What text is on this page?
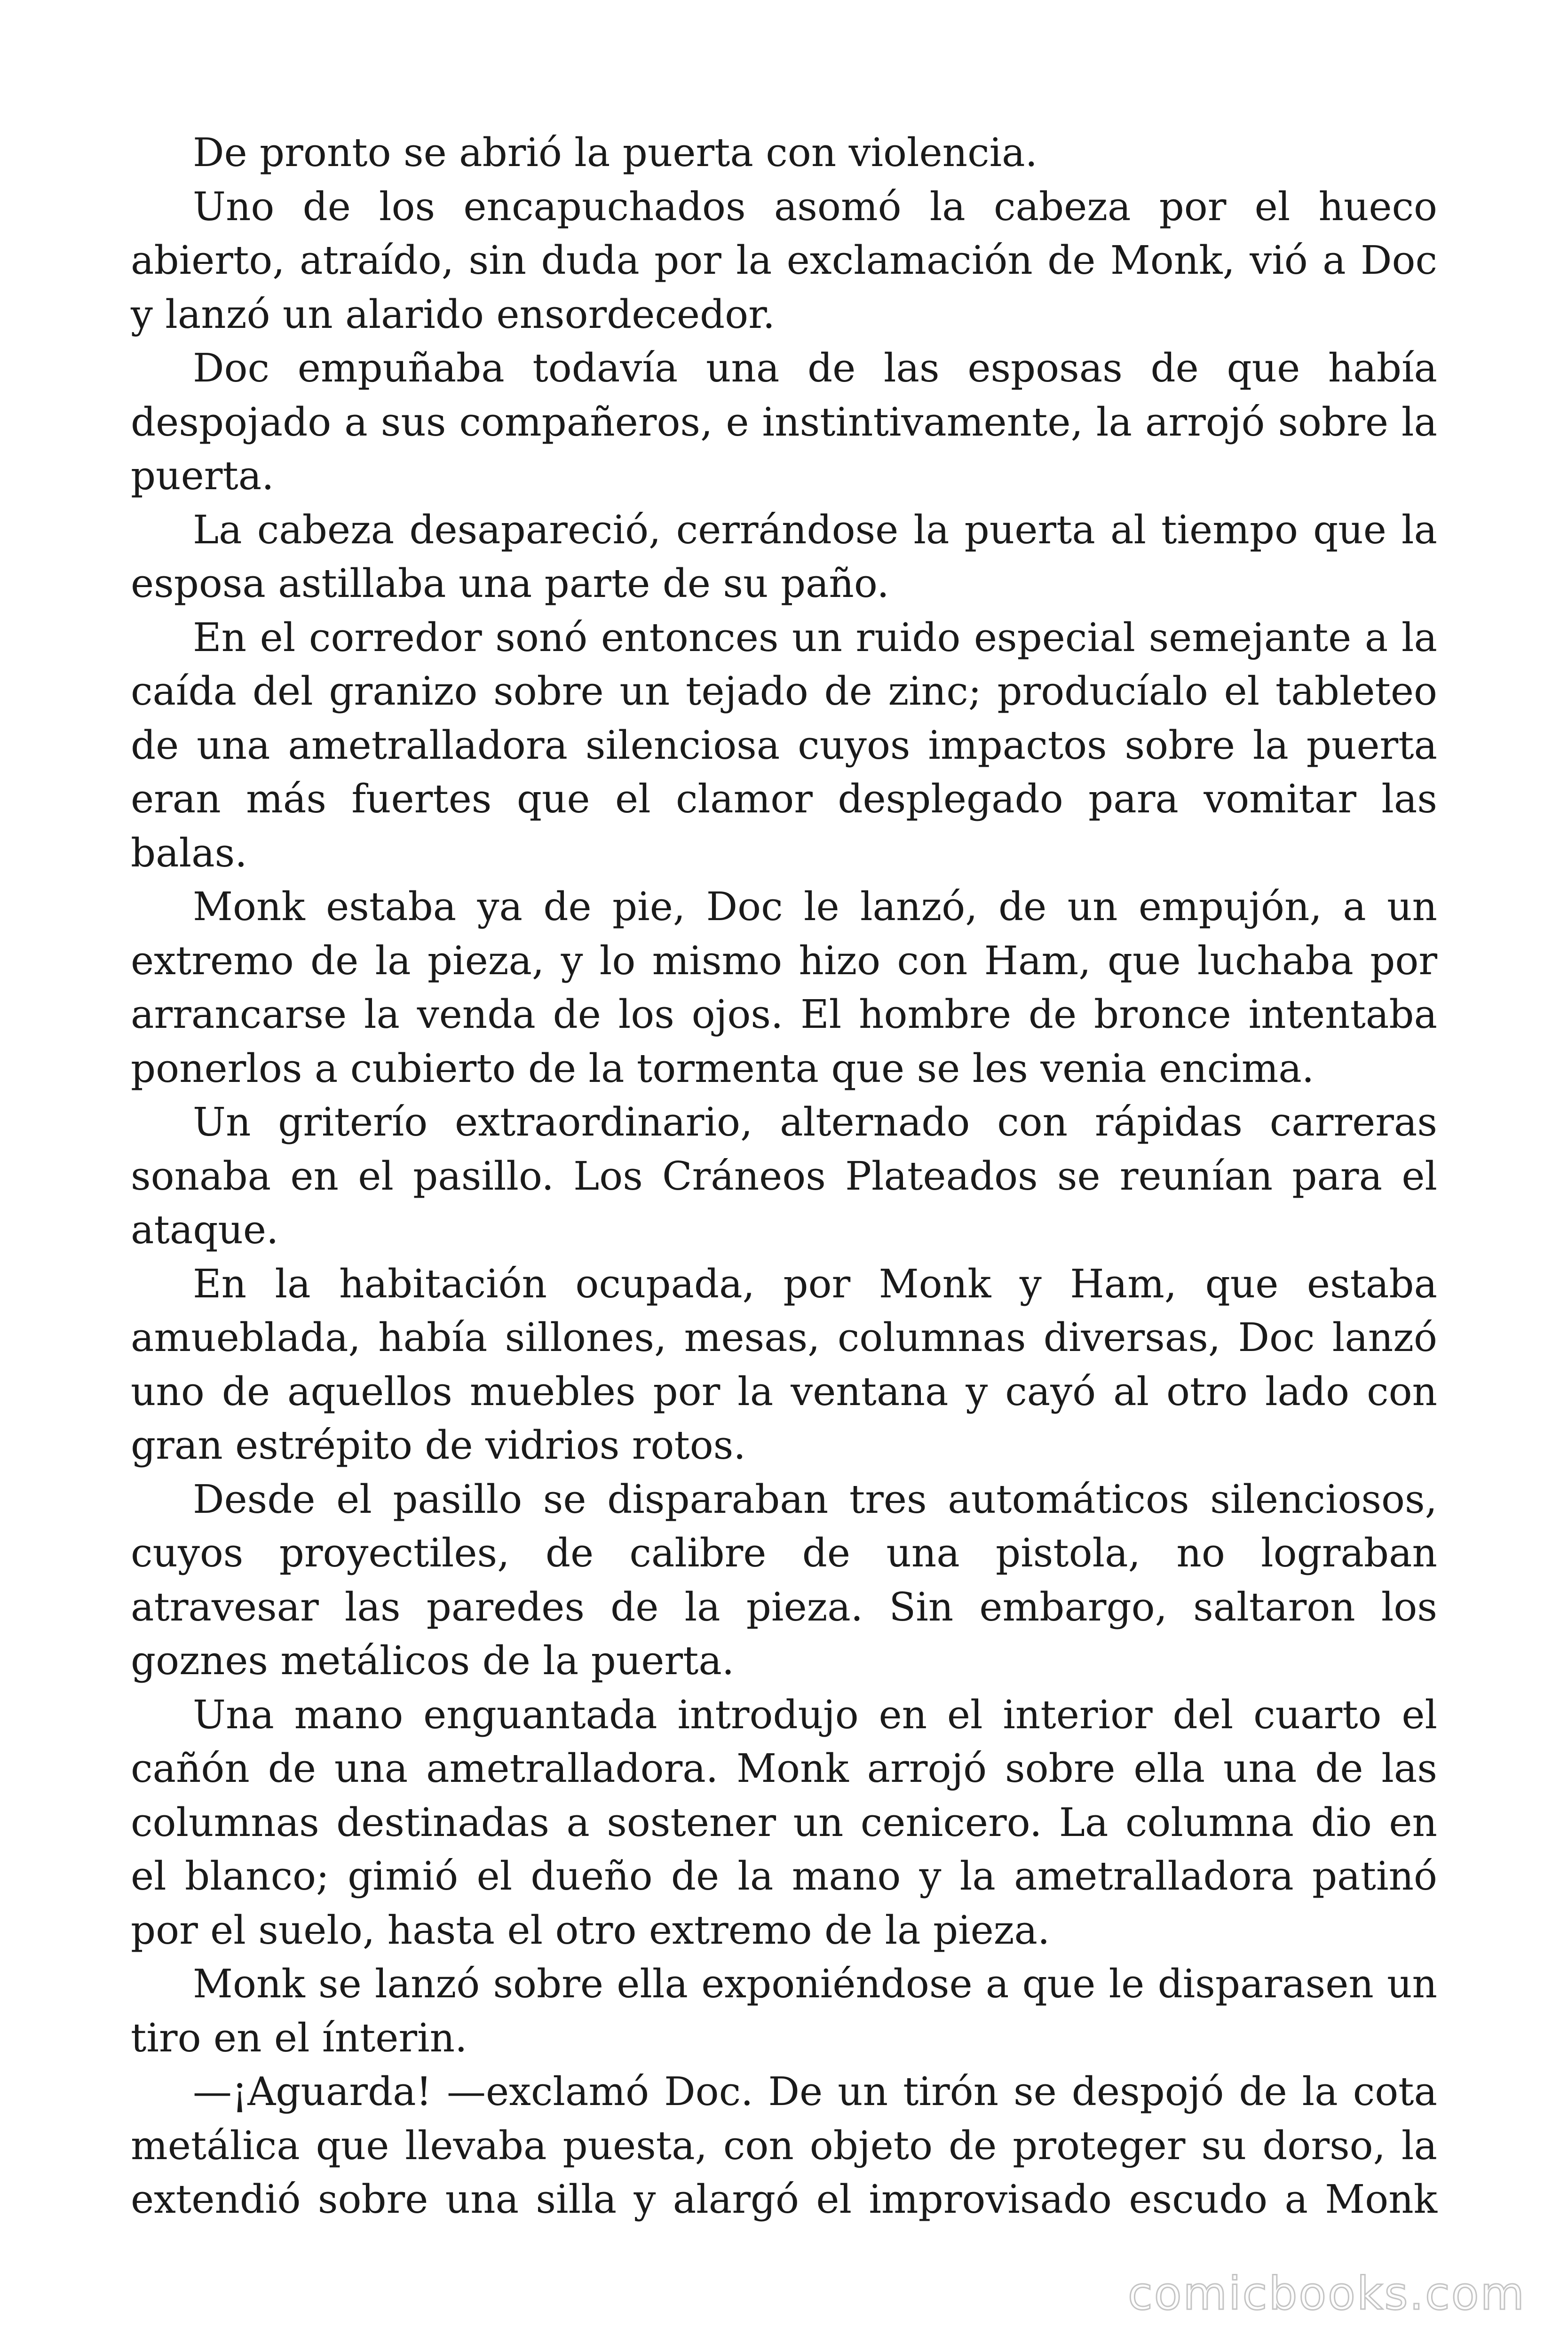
De pronto se abrió la puerta con violencia.

Uno de los encapuchados asomó la cabeza por el hueco abierto, atraído, sin duda por la exclamación de Monk, vió a Doc y lanzó un alarido ensordecedor.

Doc empuñaba todavía una de las esposas de que había despojado a sus compañeros, e instintivamente, la arrojó sobre la puerta.

La cabeza desapareció, cerrándose la puerta al tiempo que la esposa astillaba una parte de su paño.

En el corredor sonó entonces un ruido especial semejante a la caída del granizo sobre un tejado de zinc; producíalo el tableteo de una ametralladora silenciosa cuyos impactos sobre la puerta eran más fuertes que el clamor desplegado para vomitar las balas.

Monk estaba ya de pie, Doc le lanzó, de un empujón, a un extremo de la pieza, y lo mismo hizo con Ham, que luchaba por arrancarse la venda de los ojos. El hombre de bronce intentaba ponerlos a cubierto de la tormenta que se les venia encima.

Un griterío extraordinario, alternado con rápidas carreras sonaba en el pasillo. Los Cráneos Plateados se reunían para el ataque.

En la habitación ocupada, por Monk y Ham, que estaba amueblada, había sillones, mesas, columnas diversas, Doc lanzó uno de aquellos muebles por la ventana y cayó al otro lado con gran estrépito de vidrios rotos.

Desde el pasillo se disparaban tres automáticos silenciosos, cuyos proyectiles, de calibre de una pistola, no lograban atravesar las paredes de la pieza. Sin embargo, saltaron los goznes metálicos de la puerta.

Una mano enguantada introdujo en el interior del cuarto el cañón de una ametralladora. Monk arrojó sobre ella una de las columnas destinadas a sostener un cenicero. La columna dio en el blanco; gimió el dueño de la mano y la ametralladora patinó por el suelo, hasta el otro extremo de la pieza.

Monk se lanzó sobre ella exponiéndose a que le disparasen un tiro en el ínterin.

—¡Aguarda! —exclamó Doc. De un tirón se despojó de la cota metálica que llevaba puesta, con objeto de proteger su dorso, la extendió sobre una silla y alargó el improvisado escudo a Monk

comicbooks.com
